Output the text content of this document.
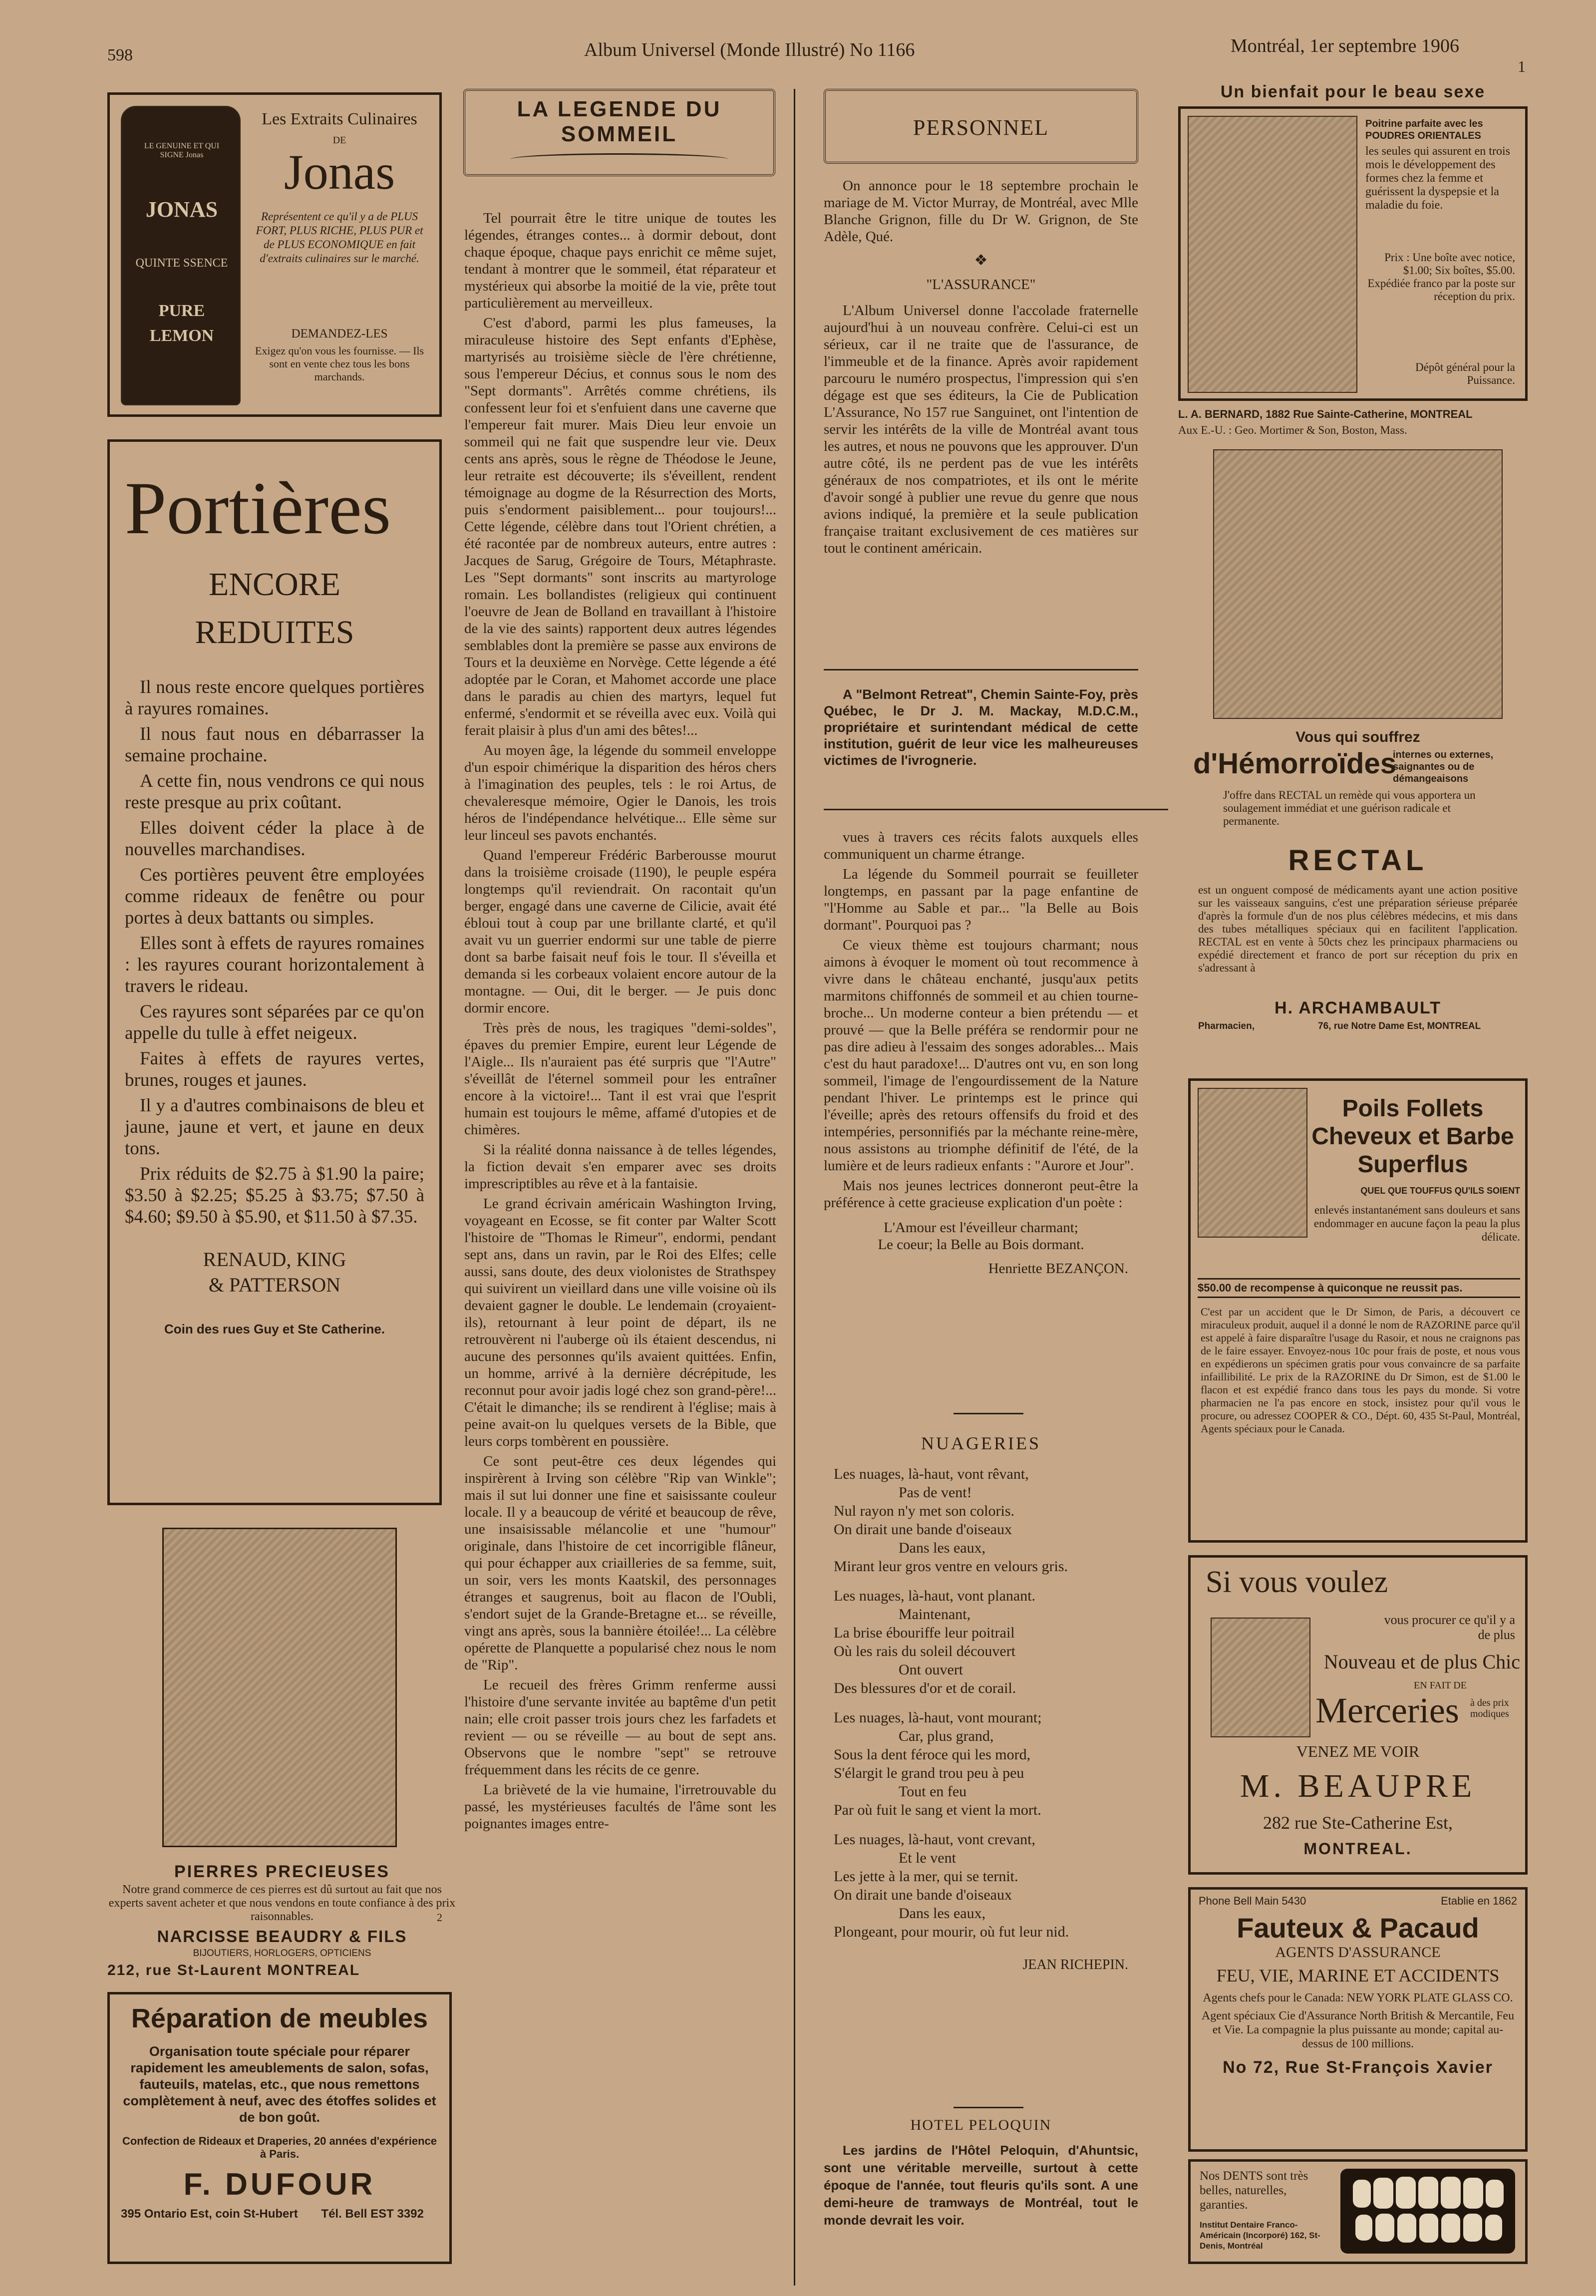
598	Album Universel (Monde Illustré) No 1166	Montréal, 1er septembre 1906
1
LE GENUINE ET QUI SIGNE Jonas
JONAS
QUINTE SSENCE
PURE
LEMON
Les Extraits Culinaires
DE
Jonas
Représentent ce qu'il y a de PLUS FORT, PLUS RICHE, PLUS PUR et de PLUS ECONOMIQUE en fait d'extraits culinaires sur le marché.
DEMANDEZ-LES
Exigez qu'on vous les fournisse. — Ils sont en vente chez tous les bons marchands.
Portières
ENCORE
REDUITES

Il nous reste encore quelques portières à rayures romaines.

Il nous faut nous en débarrasser la semaine prochaine.

A cette fin, nous vendrons ce qui nous reste presque au prix coûtant.

Elles doivent céder la place à de nouvelles marchandises.

Ces portières peuvent être employées comme rideaux de fenêtre ou pour portes à deux battants ou simples.

Elles sont à effets de rayures romaines : les rayures courant horizontalement à travers le rideau.

Ces rayures sont séparées par ce qu'on appelle du tulle à effet neigeux.

Faites à effets de rayures vertes, brunes, rouges et jaunes.

Il y a d'autres combinaisons de bleu et jaune, jaune et vert, et jaune en deux tons.

Prix réduits de $2.75 à $1.90 la paire; $3.50 à $2.25; $5.25 à $3.75; $7.50 à $4.60; $9.50 à $5.90, et $11.50 à $7.35.

RENAUD, KING
& PATTERSON
Coin des rues Guy et Ste Catherine.
PIERRES PRECIEUSES
Notre grand commerce de ces pierres est dû surtout au fait que nos experts savent acheter et que nous vendons en toute confiance à des prix raisonnables.	2
NARCISSE BEAUDRY & FILS
BIJOUTIERS, HORLOGERS, OPTICIENS
212, rue St-Laurent MONTREAL
Réparation de meubles
Organisation toute spéciale pour réparer rapidement les ameublements de salon, sofas, fauteuils, matelas, etc., que nous remettons complètement à neuf, avec des étoffes solides et de bon goût.
Confection de Rideaux et Draperies, 20 années d'expérience à Paris.
F. DUFOUR
395 Ontario Est, coin St-Hubert Tél. Bell EST 3392
LA LEGENDE DU
SOMMEIL

Tel pourrait être le titre unique de toutes les légendes, étranges contes... à dormir debout, dont chaque époque, chaque pays enrichit ce même sujet, tendant à montrer que le sommeil, état réparateur et mystérieux qui absorbe la moitié de la vie, prête tout particulièrement au merveilleux.

C'est d'abord, parmi les plus fameuses, la miraculeuse histoire des Sept enfants d'Ephèse, martyrisés au troisième siècle de l'ère chrétienne, sous l'empereur Décius, et connus sous le nom des "Sept dormants". Arrêtés comme chrétiens, ils confessent leur foi et s'enfuient dans une caverne que l'empereur fait murer. Mais Dieu leur envoie un sommeil qui ne fait que suspendre leur vie. Deux cents ans après, sous le règne de Théodose le Jeune, leur retraite est découverte; ils s'éveillent, rendent témoignage au dogme de la Résurrection des Morts, puis s'endorment paisiblement... pour toujours!... Cette légende, célèbre dans tout l'Orient chrétien, a été racontée par de nombreux auteurs, entre autres : Jacques de Sarug, Grégoire de Tours, Métaphraste. Les "Sept dormants" sont inscrits au martyrologe romain. Les bollandistes (religieux qui continuent l'oeuvre de Jean de Bolland en travaillant à l'histoire de la vie des saints) rapportent deux autres légendes semblables dont la première se passe aux environs de Tours et la deuxième en Norvège. Cette légende a été adoptée par le Coran, et Mahomet accorde une place dans le paradis au chien des martyrs, lequel fut enfermé, s'endormit et se réveilla avec eux. Voilà qui ferait plaisir à plus d'un ami des bêtes!...

Au moyen âge, la légende du sommeil enveloppe d'un espoir chimérique la disparition des héros chers à l'imagination des peuples, tels : le roi Artus, de chevaleresque mémoire, Ogier le Danois, les trois héros de l'indépendance helvétique... Elle sème sur leur linceul ses pavots enchantés.

Quand l'empereur Frédéric Barberousse mourut dans la troisième croisade (1190), le peuple espéra longtemps qu'il reviendrait. On racontait qu'un berger, engagé dans une caverne de Cilicie, avait été ébloui tout à coup par une brillante clarté, et qu'il avait vu un guerrier endormi sur une table de pierre dont sa barbe faisait neuf fois le tour. Il s'éveilla et demanda si les corbeaux volaient encore autour de la montagne. — Oui, dit le berger. — Je puis donc dormir encore.

Très près de nous, les tragiques "demi-soldes", épaves du premier Empire, eurent leur Légende de l'Aigle... Ils n'auraient pas été surpris que "l'Autre" s'éveillât de l'éternel sommeil pour les entraîner encore à la victoire!... Tant il est vrai que l'esprit humain est toujours le même, affamé d'utopies et de chimères.

Si la réalité donna naissance à de telles légendes, la fiction devait s'en emparer avec ses droits imprescriptibles au rêve et à la fantaisie.

Le grand écrivain américain Washington Irving, voyageant en Ecosse, se fit conter par Walter Scott l'histoire de "Thomas le Rimeur", endormi, pendant sept ans, dans un ravin, par le Roi des Elfes; celle aussi, sans doute, des deux violonistes de Strathspey qui suivirent un vieillard dans une ville voisine où ils devaient gagner le double. Le lendemain (croyaient-ils), retournant à leur point de départ, ils ne retrouvèrent ni l'auberge où ils étaient descendus, ni aucune des personnes qu'ils avaient quittées. Enfin, un homme, arrivé à la dernière décrépitude, les reconnut pour avoir jadis logé chez son grand-père!... C'était le dimanche; ils se rendirent à l'église; mais à peine avait-on lu quelques versets de la Bible, que leurs corps tombèrent en poussière.

Ce sont peut-être ces deux légendes qui inspirèrent à Irving son célèbre "Rip van Winkle"; mais il sut lui donner une fine et saisissante couleur locale. Il y a beaucoup de vérité et beaucoup de rêve, une insaisissable mélancolie et une "humour" originale, dans l'histoire de cet incorrigible flâneur, qui pour échapper aux criailleries de sa femme, suit, un soir, vers les monts Kaatskil, des personnages étranges et saugrenus, boit au flacon de l'Oubli, s'endort sujet de la Grande-Bretagne et... se réveille, vingt ans après, sous la bannière étoilée!... La célèbre opérette de Planquette a popularisé chez nous le nom de "Rip".

Le recueil des frères Grimm renferme aussi l'histoire d'une servante invitée au baptême d'un petit nain; elle croit passer trois jours chez les farfadets et revient — ou se réveille — au bout de sept ans. Observons que le nombre "sept" se retrouve fréquemment dans les récits de ce genre.

La brièveté de la vie humaine, l'irretrouvable du passé, les mystérieuses facultés de l'âme sont les poignantes images entre-

PERSONNEL

On annonce pour le 18 septembre prochain le mariage de M. Victor Murray, de Montréal, avec Mlle Blanche Grignon, fille du Dr W. Grignon, de Ste Adèle, Qué.

❖
"L'ASSURANCE"

L'Album Universel donne l'accolade fraternelle aujourd'hui à un nouveau confrère. Celui-ci est un sérieux, car il ne traite que de l'assurance, de l'immeuble et de la finance. Après avoir rapidement parcouru le numéro prospectus, l'impression qui s'en dégage est que ses éditeurs, la Cie de Publication L'Assurance, No 157 rue Sanguinet, ont l'intention de servir les intérêts de la ville de Montréal avant tous les autres, et nous ne pouvons que les approuver. D'un autre côté, ils ne perdent pas de vue les intérêts généraux de nos compatriotes, et ils ont le mérite d'avoir songé à publier une revue du genre que nous avions indiqué, la première et la seule publication française traitant exclusivement de ces matières sur tout le continent américain.

A "Belmont Retreat", Chemin Sainte-Foy, près Québec, le Dr J. M. Mackay, M.D.C.M., propriétaire et surintendant médical de cette institution, guérit de leur vice les malheureuses victimes de l'ivrognerie.

vues à travers ces récits falots auxquels elles communiquent un charme étrange.

La légende du Sommeil pourrait se feuilleter longtemps, en passant par la page enfantine de "l'Homme au Sable et par... "la Belle au Bois dormant". Pourquoi pas ?

Ce vieux thème est toujours charmant; nous aimons à évoquer le moment où tout recommence à vivre dans le château enchanté, jusqu'aux petits marmitons chiffonnés de sommeil et au chien tourne-broche... Un moderne conteur a bien prétendu — et prouvé — que la Belle préféra se rendormir pour ne pas dire adieu à l'essaim des songes adorables... Mais c'est du haut paradoxe!... D'autres ont vu, en son long sommeil, l'image de l'engourdissement de la Nature pendant l'hiver. Le printemps est le prince qui l'éveille; après des retours offensifs du froid et des intempéries, personnifiés par la méchante reine-mère, nous assistons au triomphe définitif de l'été, de la lumière et de leurs radieux enfants : "Aurore et Jour".

Mais nos jeunes lectrices donneront peut-être la préférence à cette gracieuse explication d'un poète :

L'Amour est l'éveilleur charmant;
Le coeur; la Belle au Bois dormant.
Henriette BEZANÇON.
NUAGERIES

Les nuages, là-haut, vont rêvant,

Pas de vent!

Nul rayon n'y met son coloris.

On dirait une bande d'oiseaux

Dans les eaux,

Mirant leur gros ventre en velours gris.

Les nuages, là-haut, vont planant.

Maintenant,

La brise ébouriffe leur poitrail

Où les rais du soleil découvert

Ont ouvert

Des blessures d'or et de corail.

Les nuages, là-haut, vont mourant;

Car, plus grand,

Sous la dent féroce qui les mord,

S'élargit le grand trou peu à peu

Tout en feu

Par où fuit le sang et vient la mort.

Les nuages, là-haut, vont crevant,

Et le vent

Les jette à la mer, qui se ternit.

On dirait une bande d'oiseaux

Dans les eaux,

Plongeant, pour mourir, où fut leur nid.

JEAN RICHEPIN.
HOTEL PELOQUIN

Les jardins de l'Hôtel Peloquin, d'Ahuntsic, sont une véritable merveille, surtout à cette époque de l'année, tout fleuris qu'ils sont. A une demi-heure de tramways de Montréal, tout le monde devrait les voir.

Un bienfait pour le beau sexe
Poitrine parfaite avec les POUDRES ORIENTALES
les seules qui assurent en trois mois le développement des formes chez la femme et guérissent la dyspepsie et la maladie du foie.
Prix : Une boîte avec notice, $1.00; Six boîtes, $5.00. Expédiée franco par la poste sur réception du prix.
Dépôt général pour la Puissance.
L. A. BERNARD, 1882 Rue Sainte-Catherine, MONTREAL
Aux E.-U. : Geo. Mortimer & Son, Boston, Mass.
Vous qui souffrez
d'Hémorroïdes
internes ou externes, saignantes ou de démangeaisons
J'offre dans RECTAL un remède qui vous apportera un soulagement immédiat et une guérison radicale et permanente.
RECTAL
est un onguent composé de médicaments ayant une action positive sur les vaisseaux sanguins, c'est une préparation sérieuse préparée d'après la formule d'un de nos plus célèbres médecins, et mis dans des tubes métalliques spéciaux qui en facilitent l'application. RECTAL est en vente à 50cts chez les principaux pharmaciens ou expédié directement et franco de port sur réception du prix en s'adressant à
H. ARCHAMBAULT
Pharmacien,	76, rue Notre Dame Est, MONTREAL
Poils Follets
Cheveux et Barbe
Superflus
QUEL QUE TOUFFUS QU'ILS SOIENT
enlevés instantanément sans douleurs et sans endommager en aucune façon la peau la plus délicate.
$50.00 de recompense à quiconque ne reussit pas.
C'est par un accident que le Dr Simon, de Paris, a découvert ce miraculeux produit, auquel il a donné le nom de RAZORINE parce qu'il est appelé à faire disparaître l'usage du Rasoir, et nous ne craignons pas de le faire essayer. Envoyez-nous 10c pour frais de poste, et nous vous en expédierons un spécimen gratis pour vous convaincre de sa parfaite infaillibilité. Le prix de la RAZORINE du Dr Simon, est de $1.00 le flacon et est expédié franco dans tous les pays du monde. Si votre pharmacien ne l'a pas encore en stock, insistez pour qu'il vous le procure, ou adressez COOPER & CO., Dépt. 60, 435 St-Paul, Montréal, Agents spéciaux pour le Canada.
Si vous voulez
vous procurer ce qu'il y a de plus
Nouveau et de plus Chic
EN FAIT DE
Merceries à des prix modiques
VENEZ ME VOIR
M. BEAUPRE
282 rue Ste-Catherine Est,
MONTREAL.
Phone Bell Main 5430	Etablie en 1862
Fauteux & Pacaud
AGENTS D'ASSURANCE
FEU, VIE, MARINE ET ACCIDENTS
Agents chefs pour le Canada: NEW YORK PLATE GLASS CO.
Agent spéciaux Cie d'Assurance North British & Mercantile, Feu et Vie. La compagnie la plus puissante au monde; capital au-dessus de 100 millions.
No 72, Rue St-François Xavier
Nos DENTS sont très belles, naturelles, garanties.
Institut Dentaire Franco-Américain (Incorporé) 162, St-Denis, Montréal
